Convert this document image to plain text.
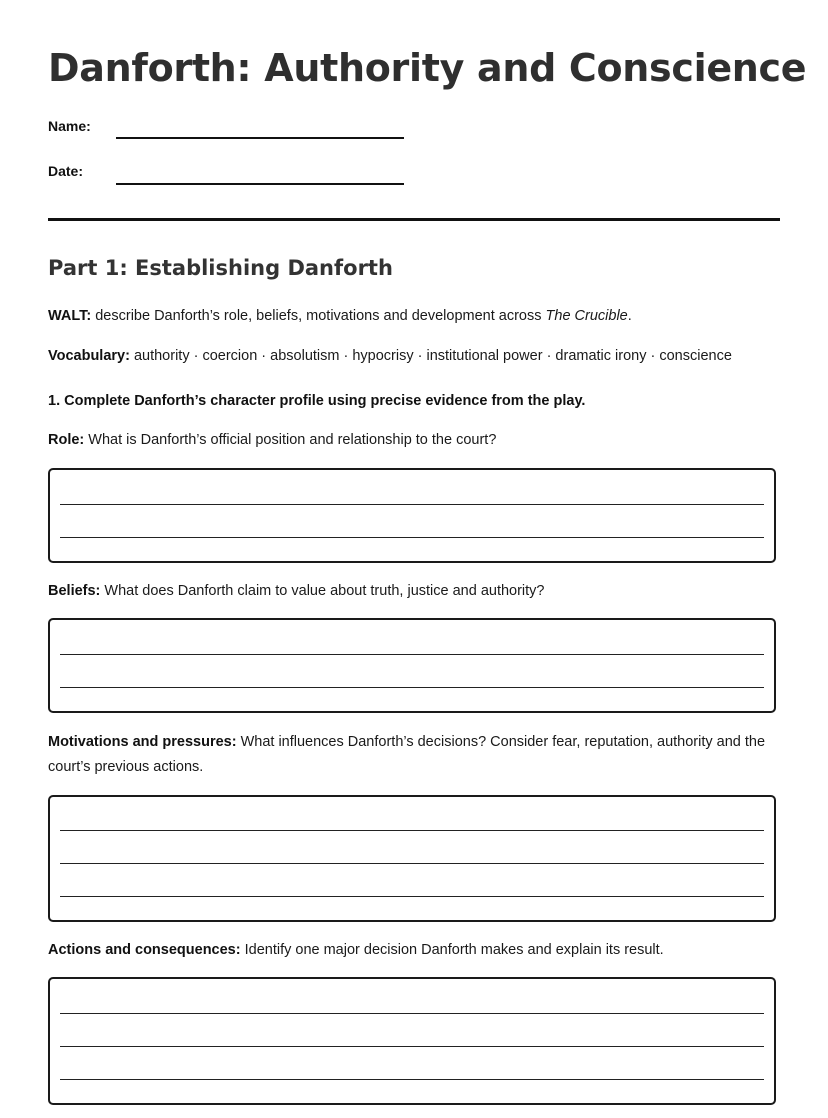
Danforth: Authority and Conscience
Name:
Date:
Part 1: Establishing Danforth
WALT: describe Danforth’s role, beliefs, motivations and development across The Crucible.
Vocabulary: authority · coercion · absolutism · hypocrisy · institutional power · dramatic irony · conscience
1. Complete Danforth’s character profile using precise evidence from the play.
Role: What is Danforth’s official position and relationship to the court?
Beliefs: What does Danforth claim to value about truth, justice and authority?
Motivations and pressures: What influences Danforth’s decisions? Consider fear, reputation, authority and the court’s previous actions.
Actions and consequences: Identify one major decision Danforth makes and explain its result.
